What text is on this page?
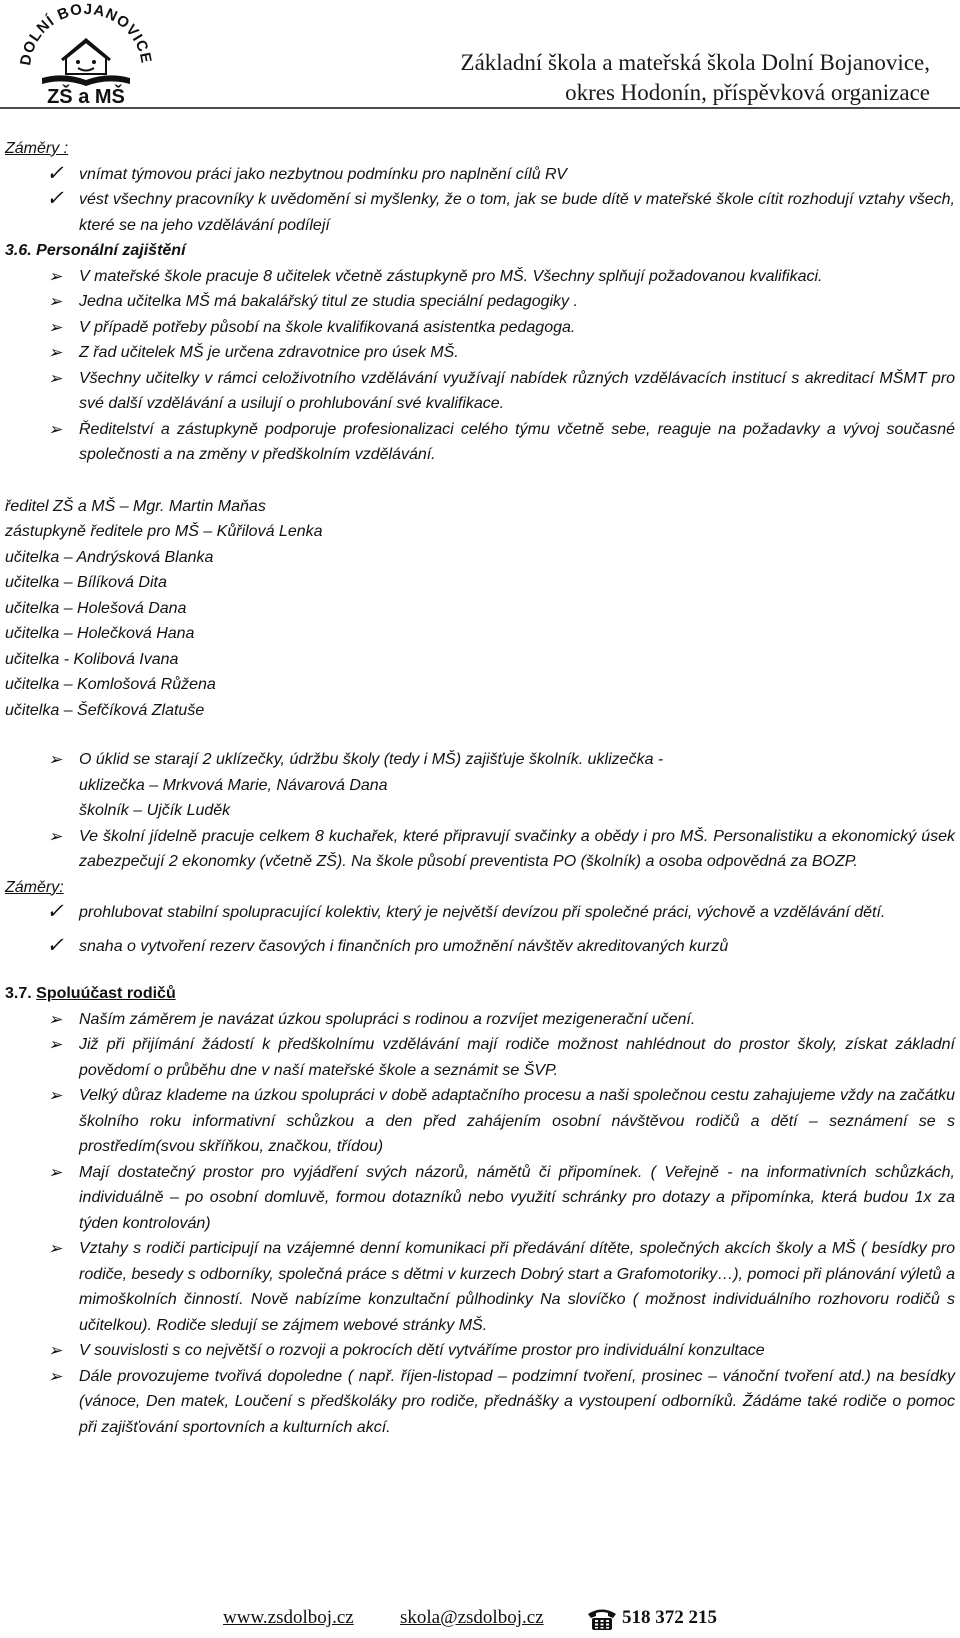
DOLNÍ BOJANOVICE
ZŠ a MŠ
Základní škola a mateřská škola Dolní Bojanovice,
okres Hodonín, příspěvková organizace
Záměry :
✓ vnímat týmovou práci jako nezbytnou podmínku pro naplnění cílů RV
✓ vést všechny pracovníky k uvědomění si myšlenky, že o tom, jak se bude dítě v mateřské škole cítit rozhodují vztahy všech, které se na jeho vzdělávání podílejí
3.6. Personální zajištění
➢	V mateřské škole pracuje 8 učitelek včetně zástupkyně pro MŠ. Všechny splňují požadovanou kvalifikaci.
➢	Jedna učitelka MŠ má bakalářský titul ze studia speciální pedagogiky .
➢	V případě potřeby působí na škole kvalifikovaná asistentka pedagoga.
➢	Z řad učitelek MŠ je určena zdravotnice pro úsek MŠ.
➢	Všechny učitelky v rámci celoživotního vzdělávání využívají nabídek různých vzdělávacích institucí s akreditací MŠMT pro své další vzdělávání a usilují o prohlubování své kvalifikace.
➢	Ředitelství a zástupkyně podporuje profesionalizaci celého týmu včetně sebe, reaguje na požadavky a vývoj současné společnosti a na změny v předškolním vzdělávání.
ředitel ZŠ a MŠ – Mgr. Martin Maňas
zástupkyně ředitele pro MŠ – Kůřilová Lenka
učitelka – Andrýsková Blanka
učitelka – Bílíková Dita
učitelka – Holešová Dana
učitelka – Holečková Hana
učitelka - Kolibová Ivana
učitelka – Komlošová Růžena
učitelka – Šefčíková Zlatuše
➢	O úklid se starají 2 uklízečky, údržbu školy (tedy i MŠ) zajišťuje školník. uklizečka -
uklizečka – Mrkvová Marie, Návarová Dana
školník – Ujčík Luděk
➢	Ve školní jídelně pracuje celkem 8 kuchařek, které připravují svačinky a obědy i pro MŠ. Personalistiku a ekonomický úsek zabezpečují 2 ekonomky (včetně ZŠ). Na škole působí preventista PO (školník) a osoba odpovědná za BOZP.
Záměry:
✓ prohlubovat stabilní spolupracující kolektiv, který je největší devízou při společné práci, výchově a vzdělávání dětí.
✓ snaha o vytvoření rezerv časových i finančních pro umožnění návštěv akreditovaných kurzů
3.7. Spoluúčast rodičů
➢	Naším záměrem je navázat úzkou spolupráci s rodinou a rozvíjet mezigenerační učení.
➢	Již při přijímání žádostí k předškolnímu vzdělávání mají rodiče možnost nahlédnout do prostor školy, získat základní povědomí o průběhu dne v naší mateřské škole a seznámit se ŠVP.
➢	Velký důraz klademe na úzkou spolupráci v době adaptačního procesu a naši společnou cestu zahajujeme vždy na začátku školního roku informativní schůzkou a den před zahájením osobní návštěvou rodičů a dětí – seznámení se s prostředím(svou skříňkou, značkou, třídou)
➢	Mají dostatečný prostor pro vyjádření svých názorů, námětů či připomínek. ( Veřejně - na informativních schůzkách, individuálně – po osobní domluvě, formou dotazníků nebo využití schránky pro dotazy a připomínka, která budou 1x za týden kontrolován)
➢	Vztahy s rodiči participují na vzájemné denní komunikaci při předávání dítěte, společných akcích školy a MŠ ( besídky pro rodiče, besedy s odborníky, společná práce s dětmi v kurzech Dobrý start a Grafomotoriky…), pomoci při plánování výletů a mimoškolních činností. Nově nabízíme konzultační půlhodinky Na slovíčko ( možnost individuálního rozhovoru rodičů s učitelkou). Rodiče sledují se zájmem webové stránky MŠ.
➢	V souvislosti s co největší o rozvoji a pokrocích dětí vytváříme prostor pro individuální konzultace
➢	Dále provozujeme tvořivá dopoledne ( např. říjen-listopad – podzimní tvoření, prosinec – vánoční tvoření atd.) na besídky (vánoce, Den matek, Loučení s předškoláky pro rodiče, přednášky a vystoupení odborníků. Žádáme také rodiče o pomoc při zajišťování sportovních a kulturních akcí.
www.zsdolboj.cz skola@zsdolboj.cz	518 372 215
